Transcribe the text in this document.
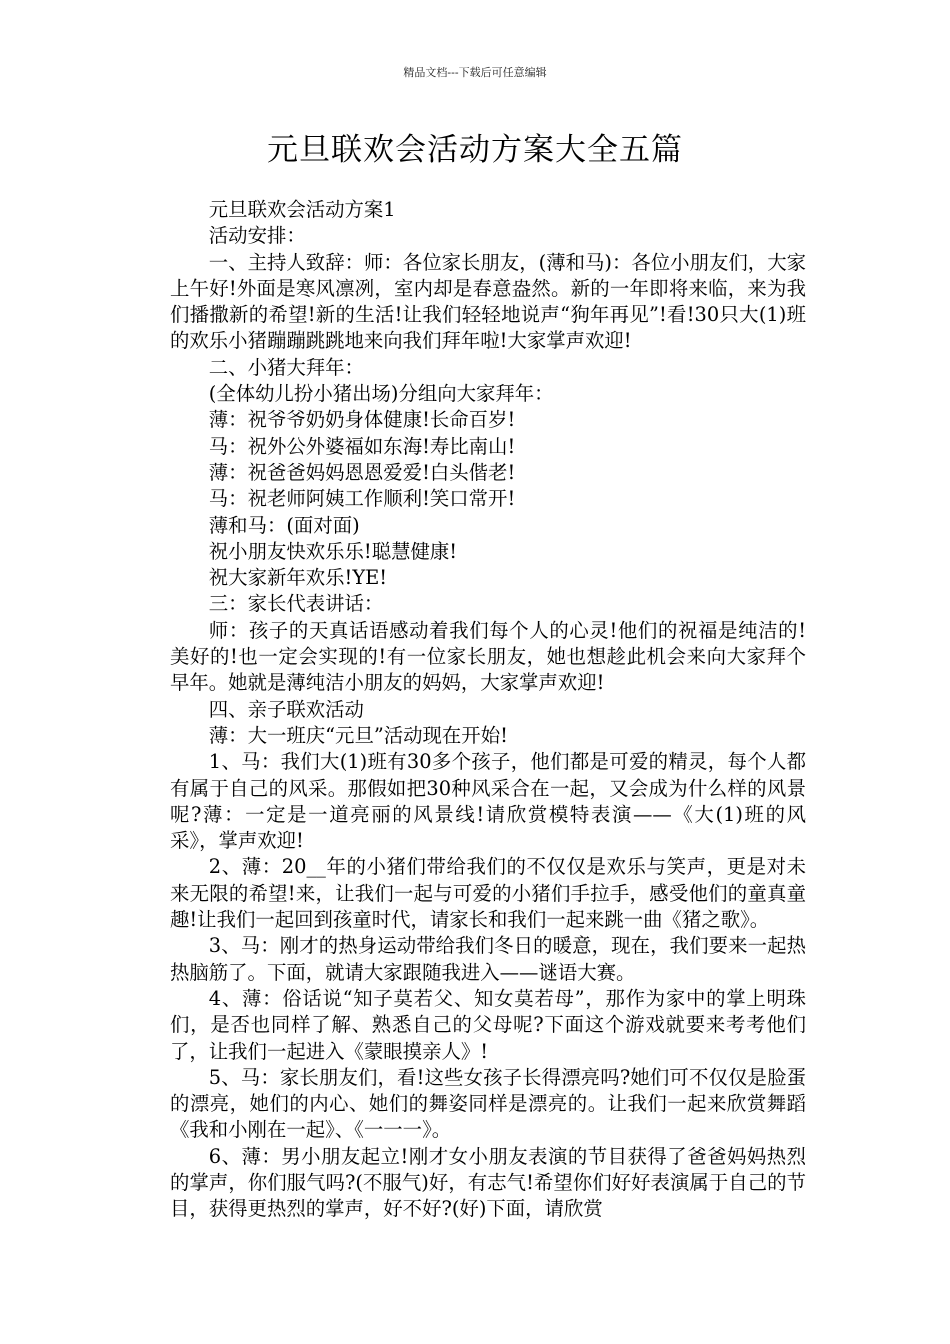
精品文档---下载后可任意编辑
元旦联欢会活动方案大全五篇

元旦联欢会活动方案1

活动安排：

一、主持人致辞：师：各位家长朋友，(薄和马)：各位小朋友们，大家上午好!外面是寒风凛冽，室内却是春意盎然。新的一年即将来临，来为我们播撒新的希望!新的生活!让我们轻轻地说声“狗年再见”!看!30只大(1)班的欢乐小猪蹦蹦跳跳地来向我们拜年啦!大家掌声欢迎!

二、小猪大拜年：

(全体幼儿扮小猪出场)分组向大家拜年：

薄：祝爷爷奶奶身体健康!长命百岁!

马：祝外公外婆福如东海!寿比南山!

薄：祝爸爸妈妈恩恩爱爱!白头偕老!

马：祝老师阿姨工作顺利!笑口常开!

薄和马：(面对面)

祝小朋友快欢乐乐!聪慧健康!

祝大家新年欢乐!YE!

三：家长代表讲话：

师：孩子的天真话语感动着我们每个人的心灵!他们的祝福是纯洁的!美好的!也一定会实现的!有一位家长朋友，她也想趁此机会来向大家拜个早年。她就是薄纯洁小朋友的妈妈，大家掌声欢迎!

四、亲子联欢活动

薄：大一班庆“元旦”活动现在开始!

1、马：我们大(1)班有30多个孩子，他们都是可爱的精灵，每个人都有属于自己的风采。那假如把30种风采合在一起，又会成为什么样的风景呢?薄：一定是一道亮丽的风景线!请欣赏模特表演——《大(1)班的风采》，掌声欢迎!

2、薄：20__年的小猪们带给我们的不仅仅是欢乐与笑声，更是对未来无限的希望!来，让我们一起与可爱的小猪们手拉手，感受他们的童真童趣!让我们一起回到孩童时代，请家长和我们一起来跳一曲《猪之歌》。

3、马：刚才的热身运动带给我们冬日的暖意，现在，我们要来一起热热脑筋了。下面，就请大家跟随我进入——谜语大赛。

4、薄：俗话说“知子莫若父、知女莫若母”，那作为家中的掌上明珠们，是否也同样了解、熟悉自己的父母呢?下面这个游戏就要来考考他们了，让我们一起进入《蒙眼摸亲人》!

5、马：家长朋友们，看!这些女孩子长得漂亮吗?她们可不仅仅是脸蛋的漂亮，她们的内心、她们的舞姿同样是漂亮的。让我们一起来欣赏舞蹈《我和小刚在一起》、《一一一》。

6、薄：男小朋友起立!刚才女小朋友表演的节目获得了爸爸妈妈热烈的掌声，你们服气吗?(不服气)好，有志气!希望你们好好表演属于自己的节目，获得更热烈的掌声，好不好?(好)下面，请欣赏
